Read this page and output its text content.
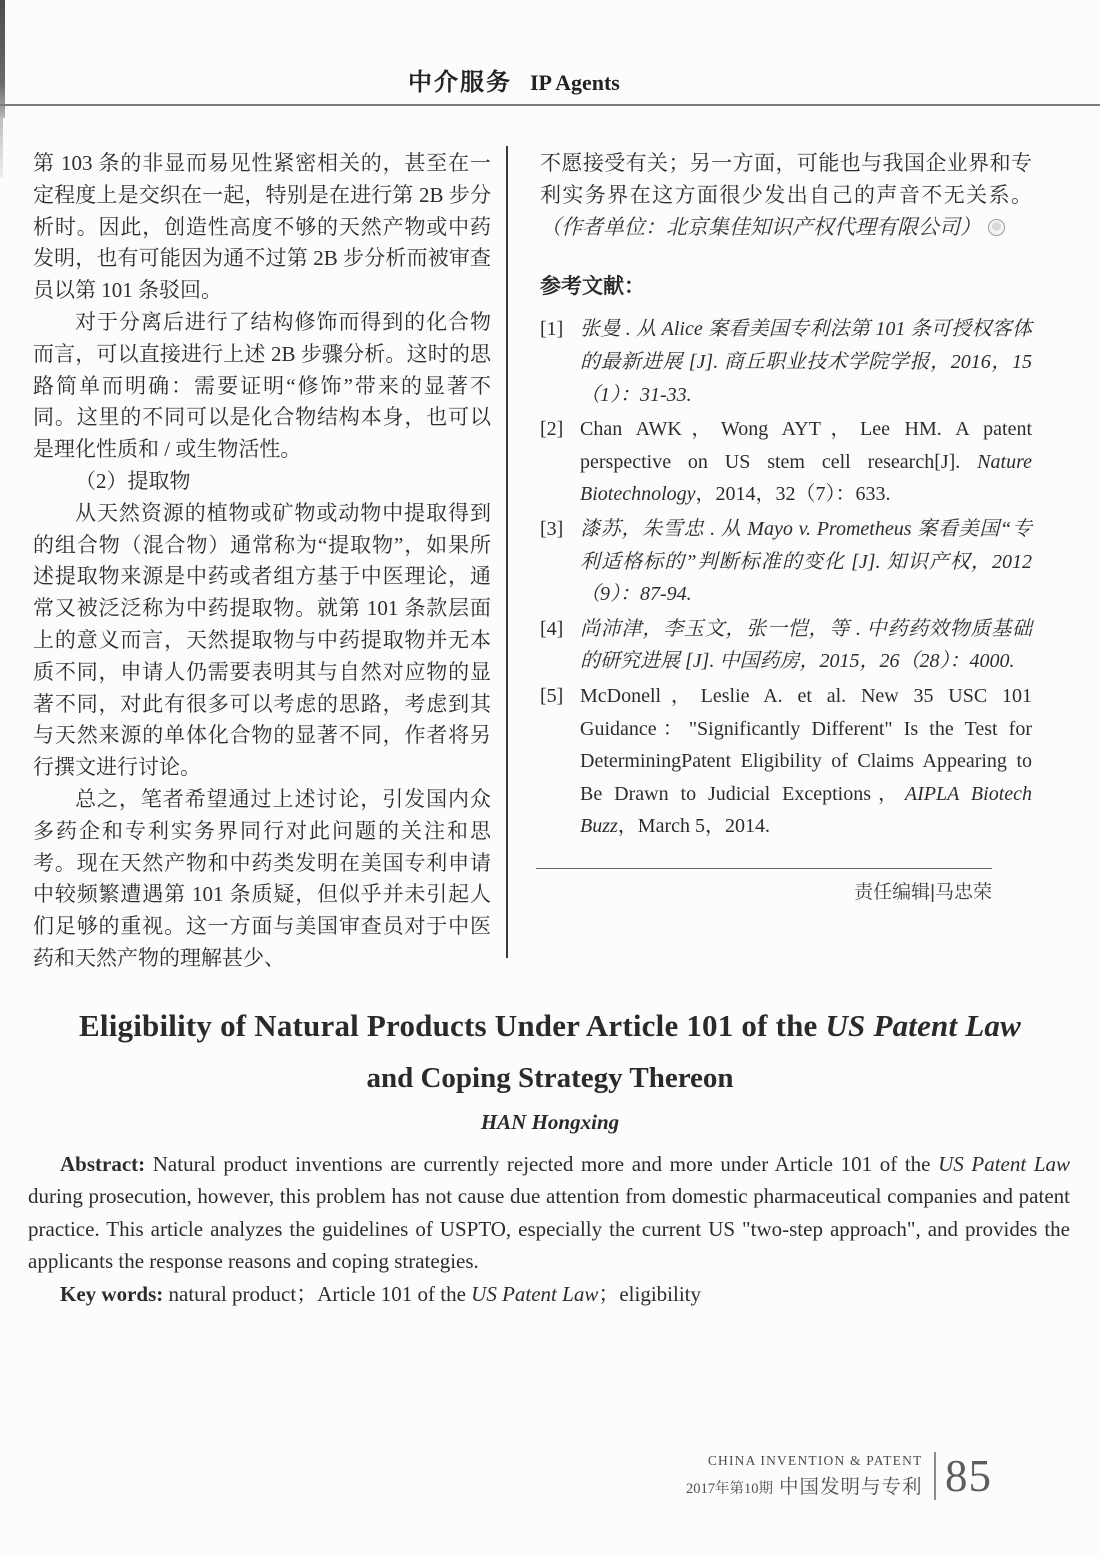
中介服务 IP Agents

第 103 条的非显而易见性紧密相关的，甚至在一定程度上是交织在一起，特别是在进行第 2B 步分析时。因此，创造性高度不够的天然产物或中药发明，也有可能因为通不过第 2B 步分析而被审查员以第 101 条驳回。

对于分离后进行了结构修饰而得到的化合物而言，可以直接进行上述 2B 步骤分析。这时的思路简单而明确：需要证明“修饰”带来的显著不同。这里的不同可以是化合物结构本身，也可以是理化性质和 / 或生物活性。

（2）提取物

从天然资源的植物或矿物或动物中提取得到的组合物（混合物）通常称为“提取物”，如果所述提取物来源是中药或者组方基于中医理论，通常又被泛泛称为中药提取物。就第 101 条款层面上的意义而言，天然提取物与中药提取物并无本质不同，申请人仍需要表明其与自然对应物的显著不同，对此有很多可以考虑的思路，考虑到其与天然来源的单体化合物的显著不同，作者将另行撰文进行讨论。

总之，笔者希望通过上述讨论，引发国内众多药企和专利实务界同行对此问题的关注和思考。现在天然产物和中药类发明在美国专利申请中较频繁遭遇第 101 条质疑，但似乎并未引起人们足够的重视。这一方面与美国审查员对于中医药和天然产物的理解甚少、

不愿接受有关；另一方面，可能也与我国企业界和专利实务界在这方面很少发出自己的声音不无关系。（作者单位：北京集佳知识产权代理有限公司）

参考文献：
[1] 张曼 . 从 Alice 案看美国专利法第 101 条可授权客体的最新进展 [J]. 商丘职业技术学院学报，2016，15（1）：31-33.
[2] Chan AWK，Wong AYT，Lee HM. A patent perspective on US stem cell research[J]. Nature Biotechnology，2014，32（7）：633.
[3] 漆苏，朱雪忠 . 从 Mayo v. Prometheus 案看美国“专利适格标的”判断标准的变化 [J]. 知识产权，2012（9）：87-94.
[4] 尚沛津，李玉文，张一恺，等 . 中药药效物质基础的研究进展 [J]. 中国药房，2015，26（28）：4000.
[5] McDonell，Leslie A. et al. New 35 USC 101 Guidance："Significantly Different" Is the Test for DeterminingPatent Eligibility of Claims Appearing to Be Drawn to Judicial Exceptions，AIPLA Biotech Buzz，March 5，2014.
责任编辑|马忠荣
Eligibility of Natural Products Under Article 101 of the US Patent Law
and Coping Strategy Thereon
HAN Hongxing

Abstract: Natural product inventions are currently rejected more and more under Article 101 of the US Patent Law during prosecution, however, this problem has not cause due attention from domestic pharmaceutical companies and patent practice. This article analyzes the guidelines of USPTO, especially the current US "two-step approach", and provides the applicants the response reasons and coping strategies.

Key words: natural product；Article 101 of the US Patent Law；eligibility

CHINA INVENTION & PATENT
2017年第10期 中国发明与专利 85
